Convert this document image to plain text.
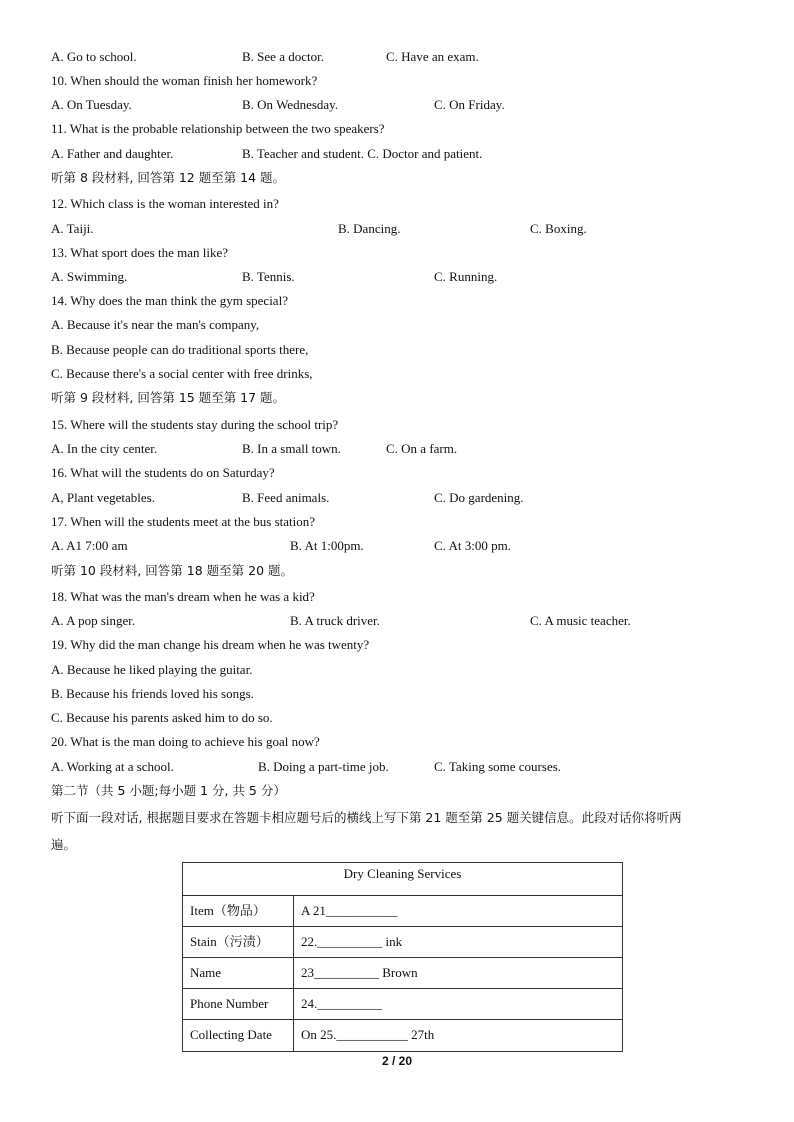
A. Go to school.	B. See a doctor.	C. Have an exam.
10. When should the woman finish her homework?
A. On Tuesday.	B. On Wednesday.	C. On Friday.
11. What is the probable relationship between the two speakers?
A. Father and daughter.	B. Teacher and student. C. Doctor and patient.
听第 8 段材料, 回答第 12 题至第 14 题。
12. Which class is the woman interested in?
A. Taiji.	B. Dancing.	C. Boxing.
13. What sport does the man like?
A. Swimming.	B. Tennis.	C. Running.
14. Why does the man think the gym special?
A. Because it's near the man's company,
B. Because people can do traditional sports there,
C. Because there's a social center with free drinks,
听第 9 段材料, 回答第 15 题至第 17 题。
15. Where will the students stay during the school trip?
A. In the city center.	B. In a small town.	C. On a farm.
16. What will the students do on Saturday?
A, Plant vegetables.	B. Feed animals.	C. Do gardening.
17. When will the students meet at the bus station?
A. A1 7:00 am	B. At 1:00pm.	C. At 3:00 pm.
听第 10 段材料, 回答第 18 题至第 20 题。
18. What was the man's dream when he was a kid?
A. A pop singer.	B. A truck driver.	C. A music teacher.
19. Why did the man change his dream when he was twenty?
A. Because he liked playing the guitar.
B. Because his friends loved his songs.
C. Because his parents asked him to do so.
20. What is the man doing to achieve his goal now?
A. Working at a school.	B. Doing a part-time job.	C. Taking some courses.
第二节（共 5 小题;每小题 1 分, 共 5 分）
听下面一段对话, 根据题目要求在答题卡相应题号后的横线上写下第 21 题至第 25 题关键信息。此段对话你将听两
遍。
Dry Cleaning Services
Item（物品）	A 21___________
Stain（污渍）	22.__________ ink
Name	23__________ Brown
Phone Number	24.__________
Collecting Date	On 25.___________ 27th
2 / 20
